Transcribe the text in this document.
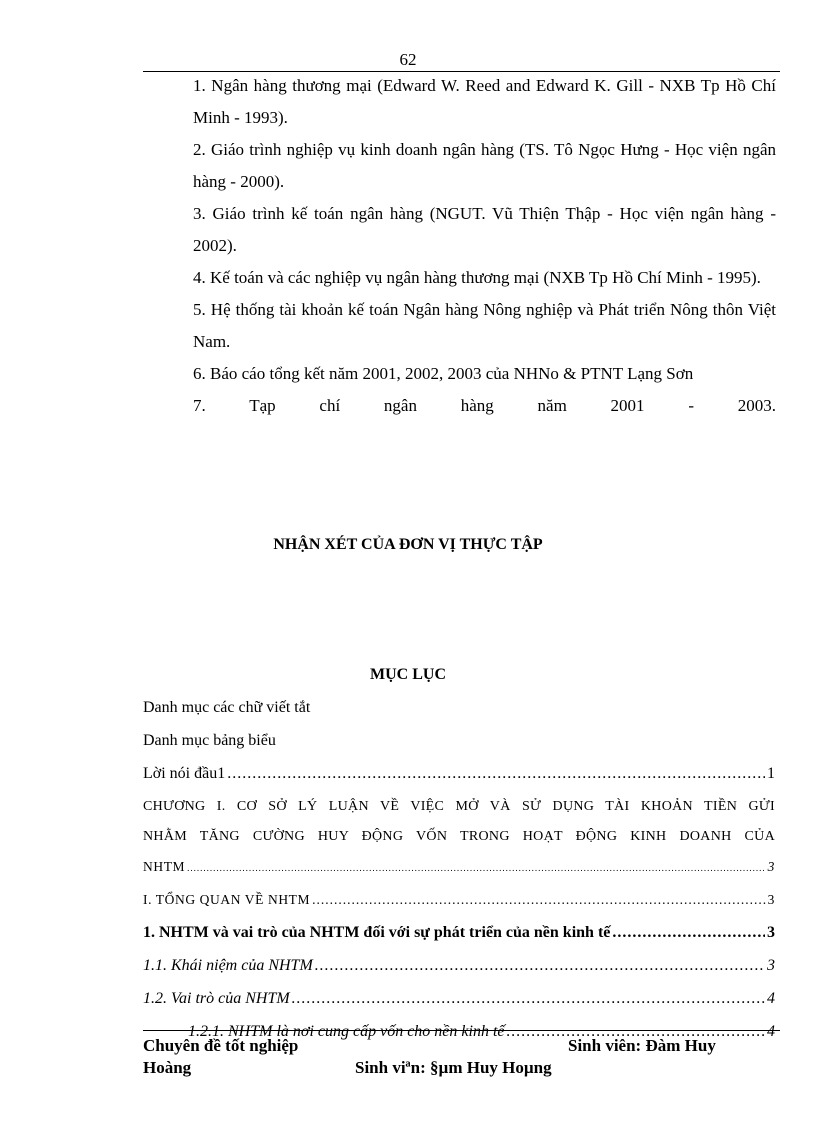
62
1. Ngân hàng thương mại (Edward W. Reed and Edward K. Gill - NXB Tp Hồ Chí Minh - 1993).
2. Giáo trình nghiệp vụ kinh doanh ngân hàng (TS. Tô Ngọc Hưng - Học viện ngân hàng - 2000).
3. Giáo trình kế toán ngân hàng (NGUT. Vũ Thiện Thập - Học viện ngân hàng - 2002).
4. Kế toán và các nghiệp vụ ngân hàng thương mại (NXB Tp Hồ Chí Minh - 1995).
5. Hệ thống tài khoản kế toán Ngân hàng Nông nghiệp và Phát triển Nông thôn Việt Nam.
6. Báo cáo tổng kết năm 2001, 2002, 2003 của NHNo & PTNT Lạng Sơn
7. Tạp chí ngân hàng năm 2001 - 2003.
NHẬN XÉT CỦA ĐƠN VỊ THỰC TẬP
MỤC LỤC
Danh mục các chữ viết tắt
Danh mục bảng biểu
Lời nói đầu1 .....	1
CHƯƠNG I. CƠ SỞ LÝ LUẬN VỀ VIỆC MỞ VÀ SỬ DỤNG TÀI KHOẢN TIỀN GỬI
NHẰM TĂNG CƯỜNG HUY ĐỘNG VỐN TRONG HOẠT ĐỘNG KINH DOANH CỦA
NHTM .....	3
I. TỔNG QUAN VỀ NHTM .....	3
1. NHTM và vai trò của NHTM đối với sự phát triển của nền kinh tế .....	3
1.1. Khái niệm của NHTM .....	3
1.2. Vai trò của NHTM .....	4
1.2.1. NHTM là nơi cung cấp vốn cho nền kinh tế .....	4
Chuyên đề tốt nghiệp	Sinh viên: Đàm Huy
Hoàng	Sinh viªn: §µm Huy Hoµng
